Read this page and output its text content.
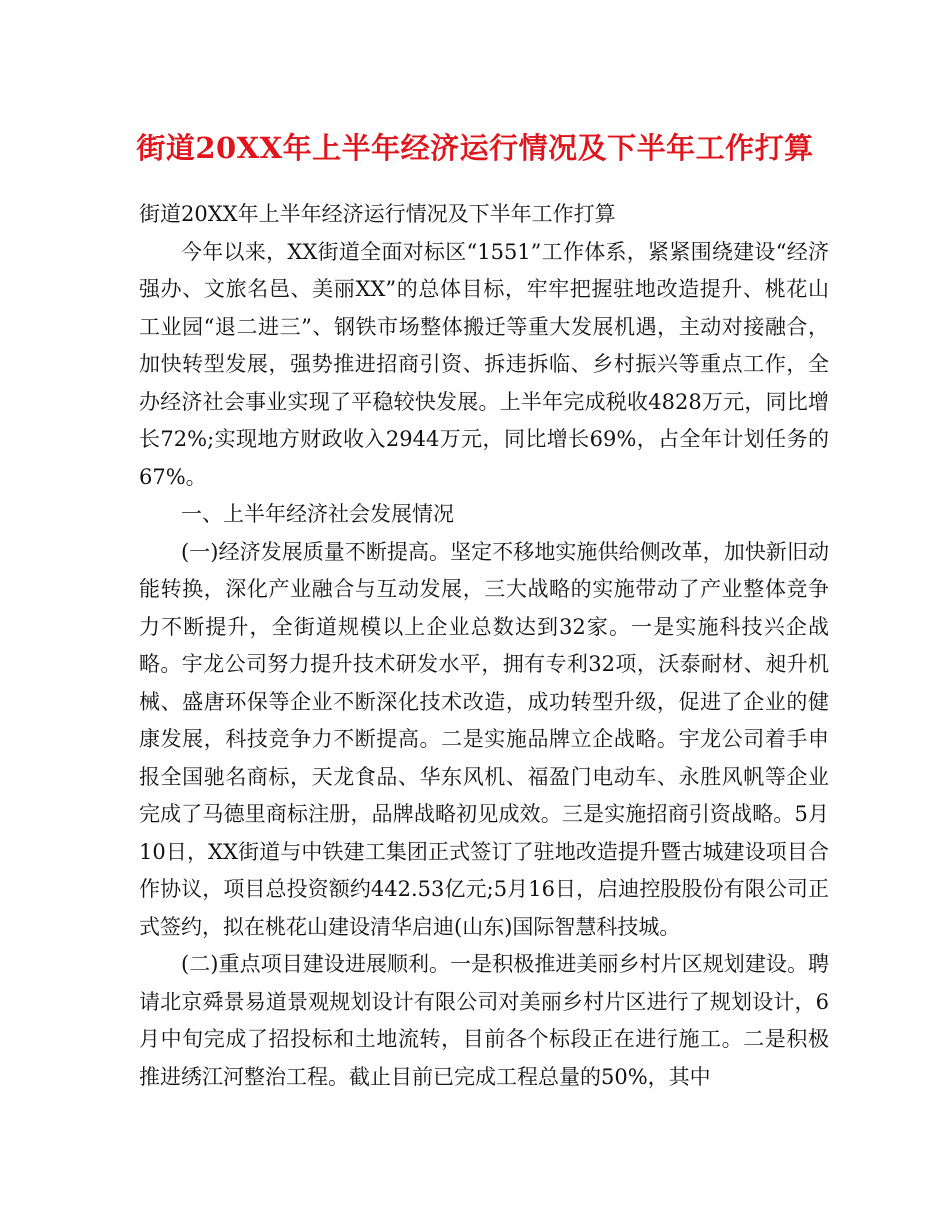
街道20XX年上半年经济运行情况及下半年工作打算

街道20XX年上半年经济运行情况及下半年工作打算

今年以来，XX街道全面对标区“1551”工作体系，紧紧围绕建设“经济强办、文旅名邑、美丽XX”的总体目标，牢牢把握驻地改造提升、桃花山工业园“退二进三”、钢铁市场整体搬迁等重大发展机遇，主动对接融合，加快转型发展，强势推进招商引资、拆违拆临、乡村振兴等重点工作，全办经济社会事业实现了平稳较快发展。上半年完成税收4828万元，同比增长72%;实现地方财政收入2944万元，同比增长69%，占全年计划任务的67%。

一、上半年经济社会发展情况

(一)经济发展质量不断提高。坚定不移地实施供给侧改革，加快新旧动能转换，深化产业融合与互动发展，三大战略的实施带动了产业整体竞争力不断提升，全街道规模以上企业总数达到32家。一是实施科技兴企战略。宇龙公司努力提升技术研发水平，拥有专利32项，沃泰耐材、昶升机械、盛唐环保等企业不断深化技术改造，成功转型升级，促进了企业的健康发展，科技竞争力不断提高。二是实施品牌立企战略。宇龙公司着手申报全国驰名商标，天龙食品、华东风机、福盈门电动车、永胜风帆等企业完成了马德里商标注册，品牌战略初见成效。三是实施招商引资战略。5月10日，XX街道与中铁建工集团正式签订了驻地改造提升暨古城建设项目合作协议，项目总投资额约442.53亿元;5月16日，启迪控股股份有限公司正式签约，拟在桃花山建设清华启迪(山东)国际智慧科技城。

(二)重点项目建设进展顺利。一是积极推进美丽乡村片区规划建设。聘请北京舜景易道景观规划设计有限公司对美丽乡村片区进行了规划设计，6月中旬完成了招投标和土地流转，目前各个标段正在进行施工。二是积极推进绣江河整治工程。截止目前已完成工程总量的50%，其中
